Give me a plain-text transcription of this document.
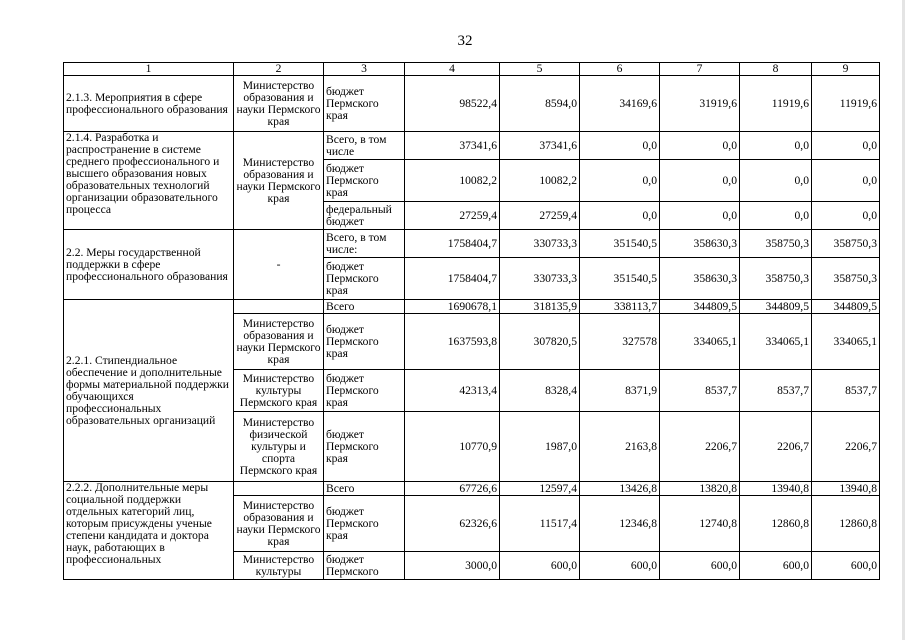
32
1	2	3	4	5	6	7	8	9
2.1.3. Мероприятия в сфере профессионального образования	Министерство образования и науки Пермского края	бюджет Пермского края	98522,4	8594,0	34169,6	31919,6	11919,6	11919,6
2.1.4. Разработка и распространение в системе среднего профессионального и высшего образования новых образовательных технологий организации образовательного процесса	Министерство образования и науки Пермского края	Всего, в том числе	37341,6	37341,6	0,0	0,0	0,0	0,0
		бюджет Пермского края	10082,2	10082,2	0,0	0,0	0,0	0,0
		федеральный бюджет	27259,4	27259,4	0,0	0,0	0,0	0,0
2.2. Меры государственной поддержки в сфере профессионального образования	-	Всего, в том числе:	1758404,7	330733,3	351540,5	358630,3	358750,3	358750,3
		бюджет Пермского края	1758404,7	330733,3	351540,5	358630,3	358750,3	358750,3
2.2.1. Стипендиальное обеспечение и дополнительные формы материальной поддержки обучающихся профессиональных образовательных организаций		Всего	1690678,1	318135,9	338113,7	344809,5	344809,5	344809,5
	Министерство образования и науки Пермского края	бюджет Пермского края	1637593,8	307820,5	327578	334065,1	334065,1	334065,1
	Министерство культуры Пермского края	бюджет Пермского края	42313,4	8328,4	8371,9	8537,7	8537,7	8537,7
	Министерство физической культуры и спорта Пермского края	бюджет Пермского края	10770,9	1987,0	2163,8	2206,7	2206,7	2206,7
2.2.2. Дополнительные меры социальной поддержки отдельных категорий лиц, которым присуждены ученые степени кандидата и доктора наук, работающих в профессиональных		Всего	67726,6	12597,4	13426,8	13820,8	13940,8	13940,8
	Министерство образования и науки Пермского края	бюджет Пермского края	62326,6	11517,4	12346,8	12740,8	12860,8	12860,8
	Министерство культуры	бюджет Пермского	3000,0	600,0	600,0	600,0	600,0	600,0
